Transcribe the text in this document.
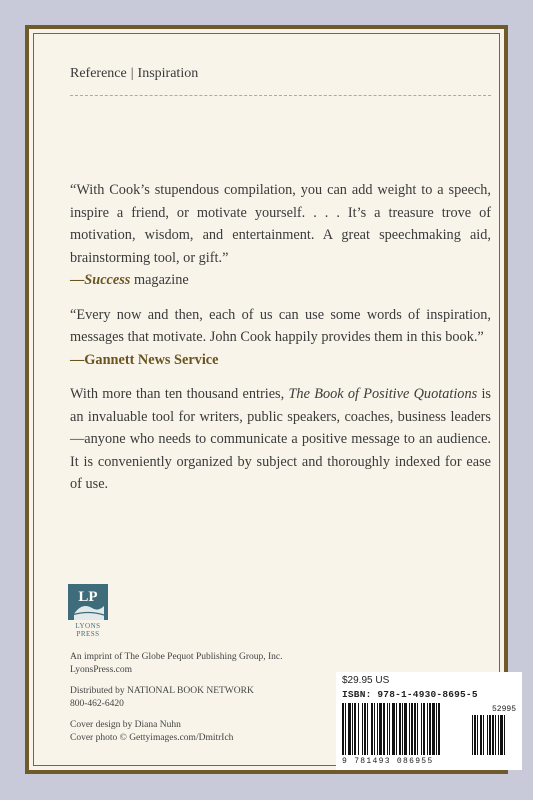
Reference | Inspiration

“With Cook’s stupendous compilation, you can add weight to a speech, inspire a friend, or motivate yourself. . . . It’s a treasure trove of motivation, wisdom, and entertainment. A great speechmaking aid, brainstorming tool, or gift.”

—Success magazine

“Every now and then, each of us can use some words of inspiration, messages that motivate. John Cook happily provides them in this book.”

—Gannett News Service

With more than ten thousand entries, The Book of Positive Quotations is an invaluable tool for writers, public speakers, coaches, business leaders—anyone who needs to communicate a positive message to an audience. It is conveniently organized by subject and thoroughly indexed for ease of use.

LP
LYONS
PRESS
An imprint of The Globe Pequot Publishing Group, Inc.
LyonsPress.com
Distributed by NATIONAL BOOK NETWORK
800-462-6420
Cover design by Diana Nuhn
Cover photo © Gettyimages.com/DmitrIch
$29.95 US
ISBN: 978-1-4930-8695-5
52995
9 781493 086955
